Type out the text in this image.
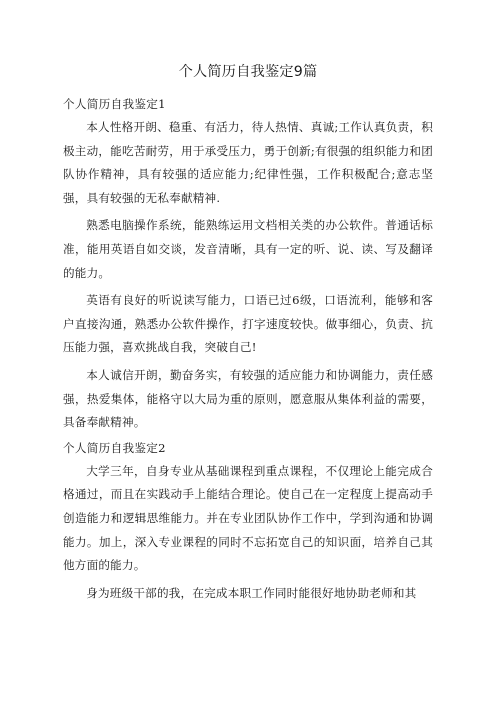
个人简历自我鉴定9篇
个人简历自我鉴定1

本人性格开朗、稳重、有活力，待人热情、真诚;工作认真负责，积极主动，能吃苦耐劳，用于承受压力，勇于创新;有很强的组织能力和团队协作精神，具有较强的适应能力;纪律性强，工作积极配合;意志坚强，具有较强的无私奉献精神.

熟悉电脑操作系统，能熟练运用文档相关类的办公软件。普通话标准，能用英语自如交谈，发音清晰，具有一定的听、说、读、写及翻译的能力。

英语有良好的听说读写能力，口语已过6级，口语流利，能够和客户直接沟通，熟悉办公软件操作，打字速度较快。做事细心，负责、抗压能力强，喜欢挑战自我，突破自己!

本人诚信开朗，勤奋务实，有较强的适应能力和协调能力，责任感强，热爱集体，能格守以大局为重的原则，愿意服从集体利益的需要，具备奉献精神。

个人简历自我鉴定2

大学三年，自身专业从基础课程到重点课程，不仅理论上能完成合格通过，而且在实践动手上能结合理论。使自己在一定程度上提高动手创造能力和逻辑思维能力。并在专业团队协作工作中，学到沟通和协调能力。加上，深入专业课程的同时不忘拓宽自己的知识面，培养自己其他方面的能力。

身为班级干部的我，在完成本职工作同时能很好地协助老师和其
